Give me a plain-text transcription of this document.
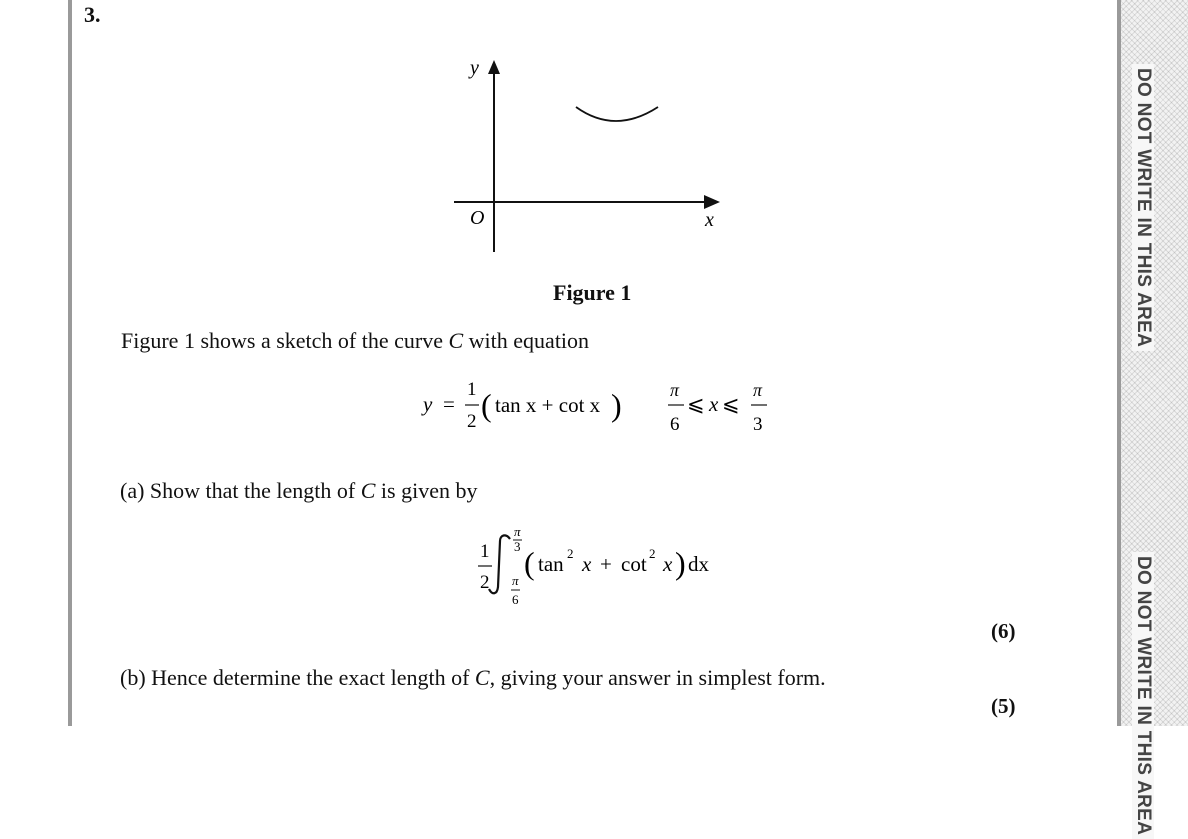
DO NOT WRITE IN THIS AREA
DO NOT WRITE IN THIS AREA
3.
y
x
O
Figure 1
Figure 1 shows a sketch of the curve C with equation
y =
1
2 ( tan x + cot x )	π
6
⩽ x ⩽
π
3
(a) Show that the length of C is given by
1
2
π
3
π
6
( tan 2 x + cot 2 x ) dx
(6)
(b) Hence determine the exact length of C, giving your answer in simplest form.
(5)
